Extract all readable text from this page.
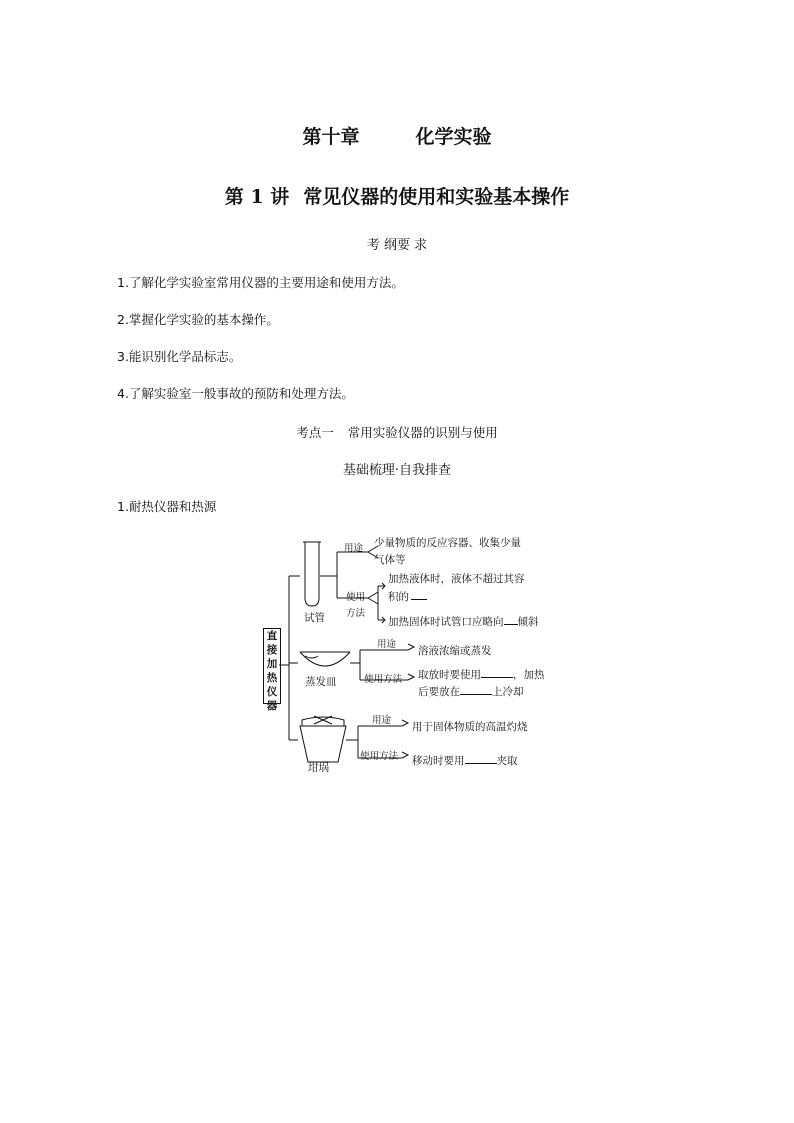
第十章	化学实验
第 1 讲 常见仪器的使用和实验基本操作
考 纲要 求
1.了解化学实验室常用仪器的主要用途和使用方法。
2.掌握化学实验的基本操作。
3.能识别化学品标志。
4.了解实验室一般事故的预防和处理方法。
考点一 常用实验仪器的识别与使用
基础梳理·自我排查
1.耐热仪器和热源
直
接
加
热
仪
器
试管
用途 少量物质的反应容器、收集少量
气体等
使用
方法
加热液体时，液体不超过其容
积的
加热固体时试管口应略向 倾斜
蒸发皿
用途
溶液浓缩或蒸发
使用方法 取放时要使用	，加热
后要放在	上冷却
坩埚
用途
用于固体物质的高温灼烧
使用方法 移动时要用	夹取
